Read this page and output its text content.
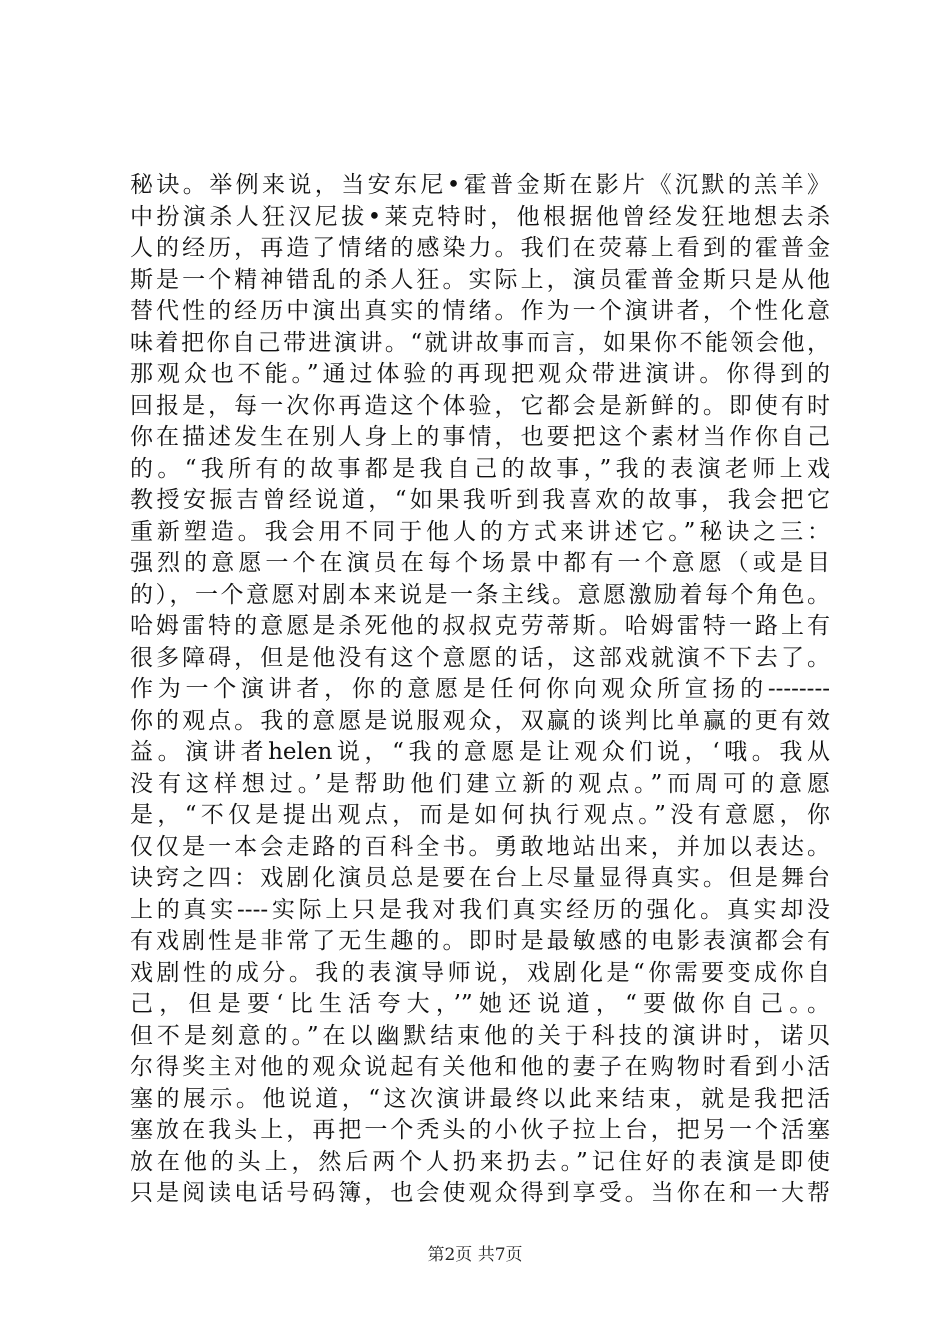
秘诀。举例来说，当安东尼•霍普金斯在影片《沉默的羔羊》
中扮演杀人狂汉尼拔•莱克特时，他根据他曾经发狂地想去杀
人的经历，再造了情绪的感染力。我们在荧幕上看到的霍普金
斯是一个精神错乱的杀人狂。实际上，演员霍普金斯只是从他
替代性的经历中演出真实的情绪。作为一个演讲者，个性化意
味着把你自己带进演讲。“就讲故事而言，如果你不能领会他，
那观众也不能。”通过体验的再现把观众带进演讲。你得到的
回报是，每一次你再造这个体验，它都会是新鲜的。即使有时
你在描述发生在别人身上的事情，也要把这个素材当作你自己
的。“我所有的故事都是我自己的故事，”我的表演老师上戏
教授安振吉曾经说道，“如果我听到我喜欢的故事，我会把它
重新塑造。我会用不同于他人的方式来讲述它。”秘诀之三：
强烈的意愿一个在演员在每个场景中都有一个意愿（或是目
的），一个意愿对剧本来说是一条主线。意愿激励着每个角色。
哈姆雷特的意愿是杀死他的叔叔克劳蒂斯。哈姆雷特一路上有
很多障碍，但是他没有这个意愿的话，这部戏就演不下去了。
作为一个演讲者，你的意愿是任何你向观众所宣扬的--------
你的观点。我的意愿是说服观众，双赢的谈判比单赢的更有效
益。演讲者helen说，“我的意愿是让观众们说，‘哦。我从
没有这样想过。’是帮助他们建立新的观点。”而周可的意愿
是，“不仅是提出观点，而是如何执行观点。”没有意愿，你
仅仅是一本会走路的百科全书。勇敢地站出来，并加以表达。
诀窍之四：戏剧化演员总是要在台上尽量显得真实。但是舞台
上的真实----实际上只是我对我们真实经历的强化。真实却没
有戏剧性是非常了无生趣的。即时是最敏感的电影表演都会有
戏剧性的成分。我的表演导师说，戏剧化是“你需要变成你自
己，但是要‘比生活夸大，’”她还说道，“要做你自己。。
但不是刻意的。”在以幽默结束他的关于科技的演讲时，诺贝
尔得奖主对他的观众说起有关他和他的妻子在购物时看到小活
塞的展示。他说道，“这次演讲最终以此来结束，就是我把活
塞放在我头上，再把一个秃头的小伙子拉上台，把另一个活塞
放在他的头上，然后两个人扔来扔去。”记住好的表演是即使
只是阅读电话号码簿，也会使观众得到享受。当你在和一大帮
第2页 共7页
